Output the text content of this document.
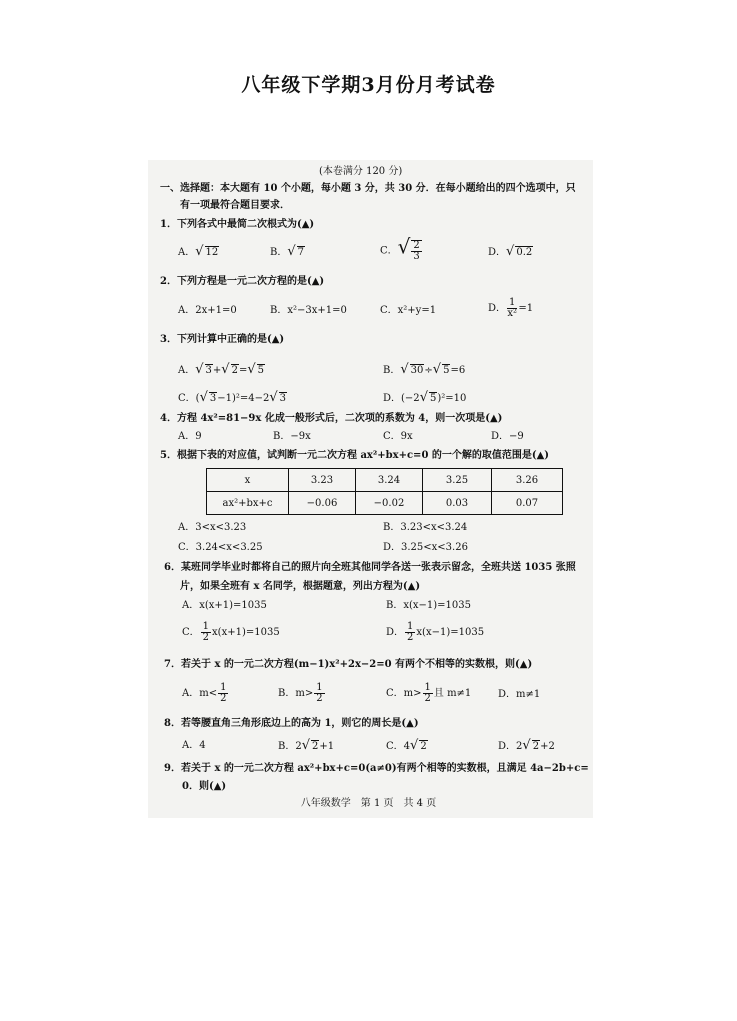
八年级下学期3月份月考试卷
(本卷满分 120 分)
一、选择题：本大题有 10 个小题，每小题 3 分，共 30 分．在每小题给出的四个选项中，只
有一项最符合题目要求．
1．下列各式中最简二次根式为(▲)
A．√ 12	B．√ 7	C．√ $\frac{2}{3}$	D．√ 0.2
2．下列方程是一元二次方程的是(▲)
A．2x+1=0	B．x²−3x+1=0	C．x²+y=1	D． $\frac{1}{\text{x²}} =1$
3．下列计算中正确的是(▲)
A．√ 3+√ 2=√ 5	B．√ 30÷√ 5=6
C．(√ 3−1)²=4−2√ 3	D．(−2√ 5)²=10
4．方程 4x²=81−9x 化成一般形式后，二次项的系数为 4，则一次项是(▲)
A．9	B．−9x	C．9x	D．−9
5．根据下表的对应值，试判断一元二次方程 ax²+bx+c=0 的一个解的取值范围是(▲)
x	3.23	3.24	3.25	3.26
ax²+bx+c	−0.06	−0.02	0.03	0.07
A．3<x<3.23	B．3.23<x<3.24
C．3.24<x<3.25	D．3.25<x<3.26
6．某班同学毕业时都将自己的照片向全班其他同学各送一张表示留念，全班共送 1035 张照
片，如果全班有 x 名同学，根据题意，列出方程为(▲)
A．x(x+1)=1035	B．x(x−1)=1035
C． $\frac{1}{2} x(x+1)=1035$	D． $\frac{1}{2} x(x-1)=1035$
7．若关于 x 的一元二次方程(m−1)x²+2x−2=0 有两个不相等的实数根，则(▲)
A．$m< \frac{1}{2}$	B．$m> \frac{1}{2}$	C．$m> \frac{1}{2}$ 且 m≠1	D．m≠1
8．若等腰直角三角形底边上的高为 1，则它的周长是(▲)
A．4	B．2√ 2+1	C．4√ 2	D．2√ 2+2
9．若关于 x 的一元二次方程 ax²+bx+c=0(a≠0)有两个相等的实数根，且满足 4a−2b+c=
0．则(▲)
八年级数学　第 1 页　共 4 页
